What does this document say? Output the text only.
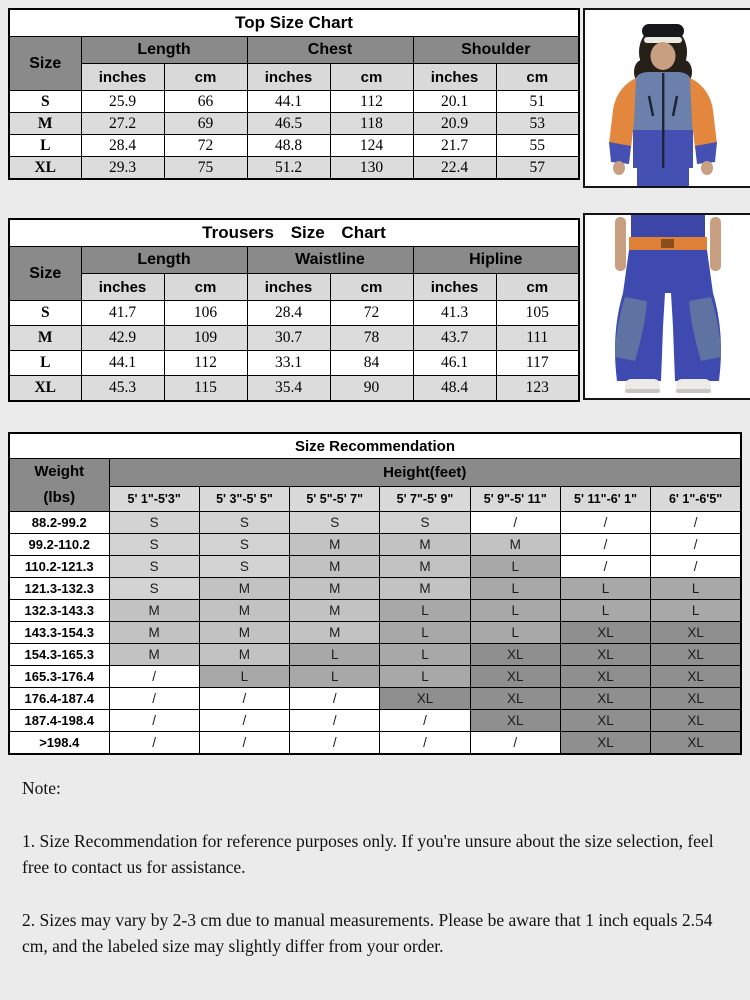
Top Size Chart						
Size	Length		Chest		Shoulder	
	inches	cm	inches	cm	inches	cm
S	25.9	66	44.1	112	20.1	51
M	27.2	69	46.5	118	20.9	53
L	28.4	72	48.8	124	21.7	55
XL	29.3	75	51.2	130	22.4	57
Trousers Size Chart						
Size	Length		Waistline		Hipline	
	inches	cm	inches	cm	inches	cm
S	41.7	106	28.4	72	41.3	105
M	42.9	109	30.7	78	43.7	111
L	44.1	112	33.1	84	46.1	117
XL	45.3	115	35.4	90	48.4	123
Size Recommendation							

Weight
(lbs)	Height(feet)						
	5' 1"-5'3"	5' 3"-5' 5"	5' 5"-5' 7"	5' 7"-5' 9"	5' 9"-5' 11"	5' 11"-6' 1"	6' 1"-6'5"
88.2-99.2	S	S	S	S	/	/	/
99.2-110.2	S	S	M	M	M	/	/
110.2-121.3	S	S	M	M	L	/	/
121.3-132.3	S	M	M	M	L	L	L
132.3-143.3	M	M	M	L	L	L	L
143.3-154.3	M	M	M	L	L	XL	XL
154.3-165.3	M	M	L	L	XL	XL	XL
165.3-176.4	/	L	L	L	XL	XL	XL
176.4-187.4	/	/	/	XL	XL	XL	XL
187.4-198.4	/	/	/	/	XL	XL	XL
>198.4	/	/	/	/	/	XL	XL

Note:

1. Size Recommendation for reference purposes only. If you're unsure about the size selection, feel free to contact us for assistance.

2. Sizes may vary by 2-3 cm due to manual measurements. Please be aware that 1 inch equals 2.54 cm, and the labeled size may slightly differ from your order.
